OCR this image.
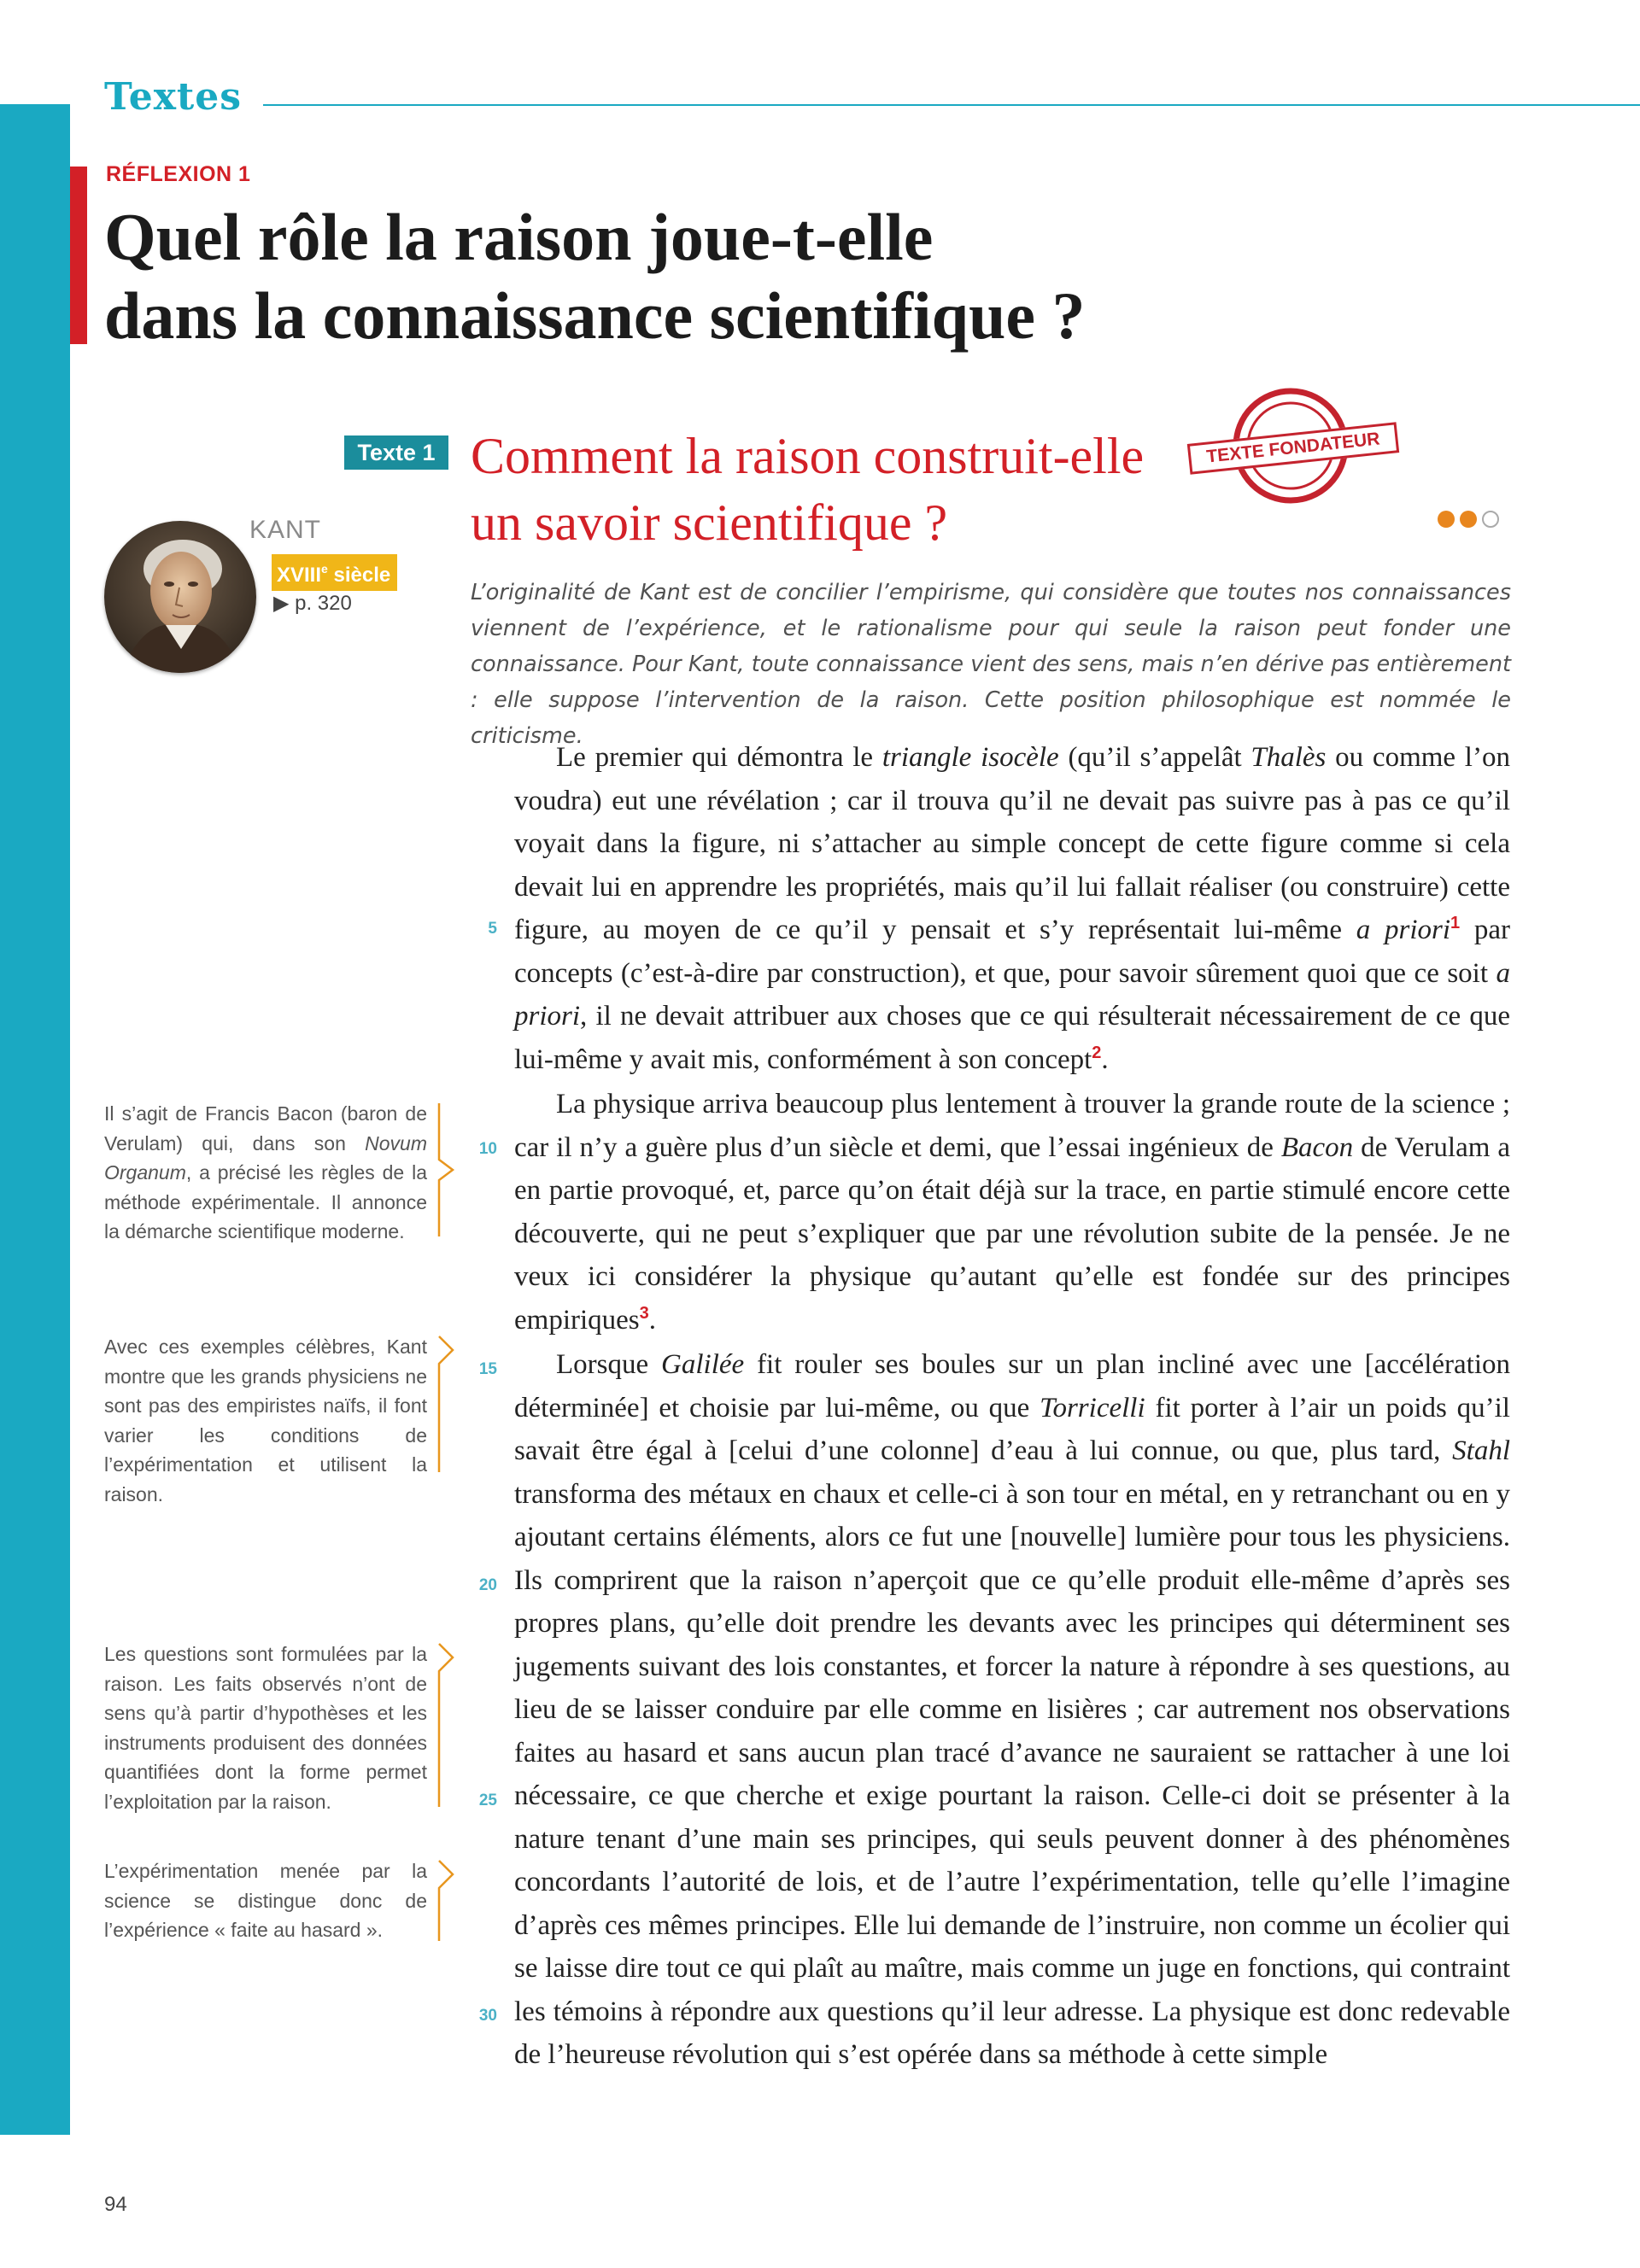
Textes
RÉFLEXION 1
Quel rôle la raison joue-t-elle
dans la connaissance scientifique ?
Texte 1 Comment la raison construit-elle
un savoir scientifique ?
TEXTE FONDATEUR
KANT
XVIIIe siècle
▶ p. 320	L’originalité de Kant est de concilier l’empirisme, qui considère que toutes nos connaissances viennent de l’expérience, et le rationalisme pour qui seule la raison peut fonder une connaissance. Pour Kant, toute connaissance vient des sens, mais n’en dérive pas entièrement : elle suppose l’intervention de la raison. Cette position philosophique est nommée le criticisme.

Le premier qui démontra le triangle isocèle (qu’il s’appelât Thalès ou comme l’on voudra) eut une révélation ; car il trouva qu’il ne devait pas suivre pas à pas ce qu’il voyait dans la figure, ni s’attacher au simple concept de cette figure comme si cela devait lui en apprendre les propriétés, mais qu’il lui fallait réaliser (ou construire) cette figure, au moyen de ce qu’il y pensait et s’y représentait lui-même a priori$^1$ par concepts (c’est-à-dire par construction), et que, pour savoir sûrement quoi que ce soit a priori, il ne devait attribuer aux choses que ce qui résulterait nécessairement de ce que lui-même y avait mis, conformément à son concept$^2$.

La physique arriva beaucoup plus lentement à trouver la grande route de la science ; car il n’y a guère plus d’un siècle et demi, que l’essai ingénieux de Bacon de Verulam a en partie provoqué, et, parce qu’on était déjà sur la trace, en partie stimulé encore cette découverte, qui ne peut s’expliquer que par une révolution subite de la pensée. Je ne veux ici considérer la physique qu’autant qu’elle est fondée sur des principes empiriques$^3$.

Lorsque Galilée fit rouler ses boules sur un plan incliné avec une [accélération déterminée] et choisie par lui-même, ou que Torricelli fit porter à l’air un poids qu’il savait être égal à [celui d’une colonne] d’eau à lui connue, ou que, plus tard, Stahl transforma des métaux en chaux et celle-ci à son tour en métal, en y retranchant ou en y ajoutant certains éléments, alors ce fut une [nouvelle] lumière pour tous les physiciens. Ils comprirent que la raison n’aperçoit que ce qu’elle produit elle-même d’après ses propres plans, qu’elle doit prendre les devants avec les principes qui déterminent ses jugements suivant des lois constantes, et forcer la nature à répondre à ses questions, au lieu de se laisser conduire par elle comme en lisières ; car autrement nos observations faites au hasard et sans aucun plan tracé d’avance ne sauraient se rattacher à une loi nécessaire, ce que cherche et exige pourtant la raison. Celle-ci doit se présenter à la nature tenant d’une main ses principes, qui seuls peuvent donner à des phénomènes concordants l’autorité de lois, et de l’autre l’expérimentation, telle qu’elle l’imagine d’après ces mêmes principes. Elle lui demande de l’instruire, non comme un écolier qui se laisse dire tout ce qui plaît au maître, mais comme un juge en fonctions, qui contraint les témoins à répondre aux questions qu’il leur adresse. La physique est donc redevable de l’heureuse révolution qui s’est opérée dans sa méthode à cette simple

5
10
15
20
25
30
Il s’agit de Francis Bacon (baron de Verulam) qui, dans son Novum Organum, a précisé les règles de la méthode expérimentale. Il annonce la démarche scientifique moderne.
Avec ces exemples célèbres, Kant montre que les grands physiciens ne sont pas des empiristes naïfs, il font varier les conditions de l’expérimentation et utilisent la raison.
Les questions sont formulées par la raison. Les faits observés n’ont de sens qu’à partir d’hypothèses et les instruments produisent des données quantifiées dont la forme permet l’exploitation par la raison.
L’expérimentation menée par la science se distingue donc de l’expérience « faite au hasard ».
94
